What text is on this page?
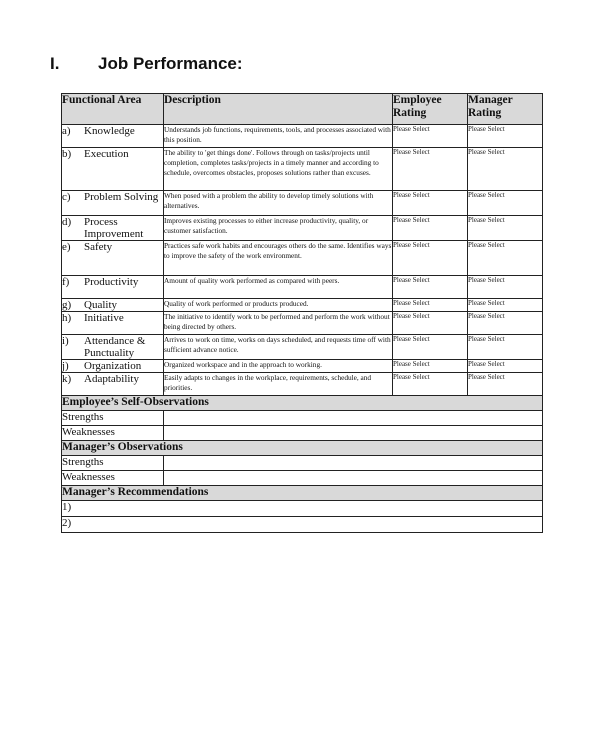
I. Job Performance:
Functional Area	Description	Employee Rating	Manager Rating

a) Knowledge	Understands job functions, requirements, tools, and processes associated with this position.	Please Select	Please Select

b) Execution	The ability to 'get things done'. Follows through on tasks/projects until completion, completes tasks/projects in a timely manner and according to schedule, overcomes obstacles, proposes solutions rather than excuses.	Please Select	Please Select

c) Problem Solving	When posed with a problem the ability to develop timely solutions with alternatives.	Please Select	Please Select

d) Process Improvement	Improves existing processes to either increase productivity, quality, or customer satisfaction.	Please Select	Please Select

e) Safety	Practices safe work habits and encourages others do the same. Identifies ways to improve the safety of the work environment.	Please Select	Please Select

f) Productivity	Amount of quality work performed as compared with peers.	Please Select	Please Select

g) Quality	Quality of work performed or products produced.	Please Select	Please Select

h) Initiative	The initiative to identify work to be performed and perform the work without being directed by others.	Please Select	Please Select

i) Attendance & Punctuality	Arrives to work on time, works on days scheduled, and requests time off with sufficient advance notice.	Please Select	Please Select

j) Organization	Organized workspace and in the approach to working.	Please Select	Please Select

k) Adaptability	Easily adapts to changes in the workplace, requirements, schedule, and priorities.	Please Select	Please Select
Employee’s Self-Observations			
Strengths			
Weaknesses			
Manager’s Observations			
Strengths			
Weaknesses			
Manager’s Recommendations			
1)			
2)			
